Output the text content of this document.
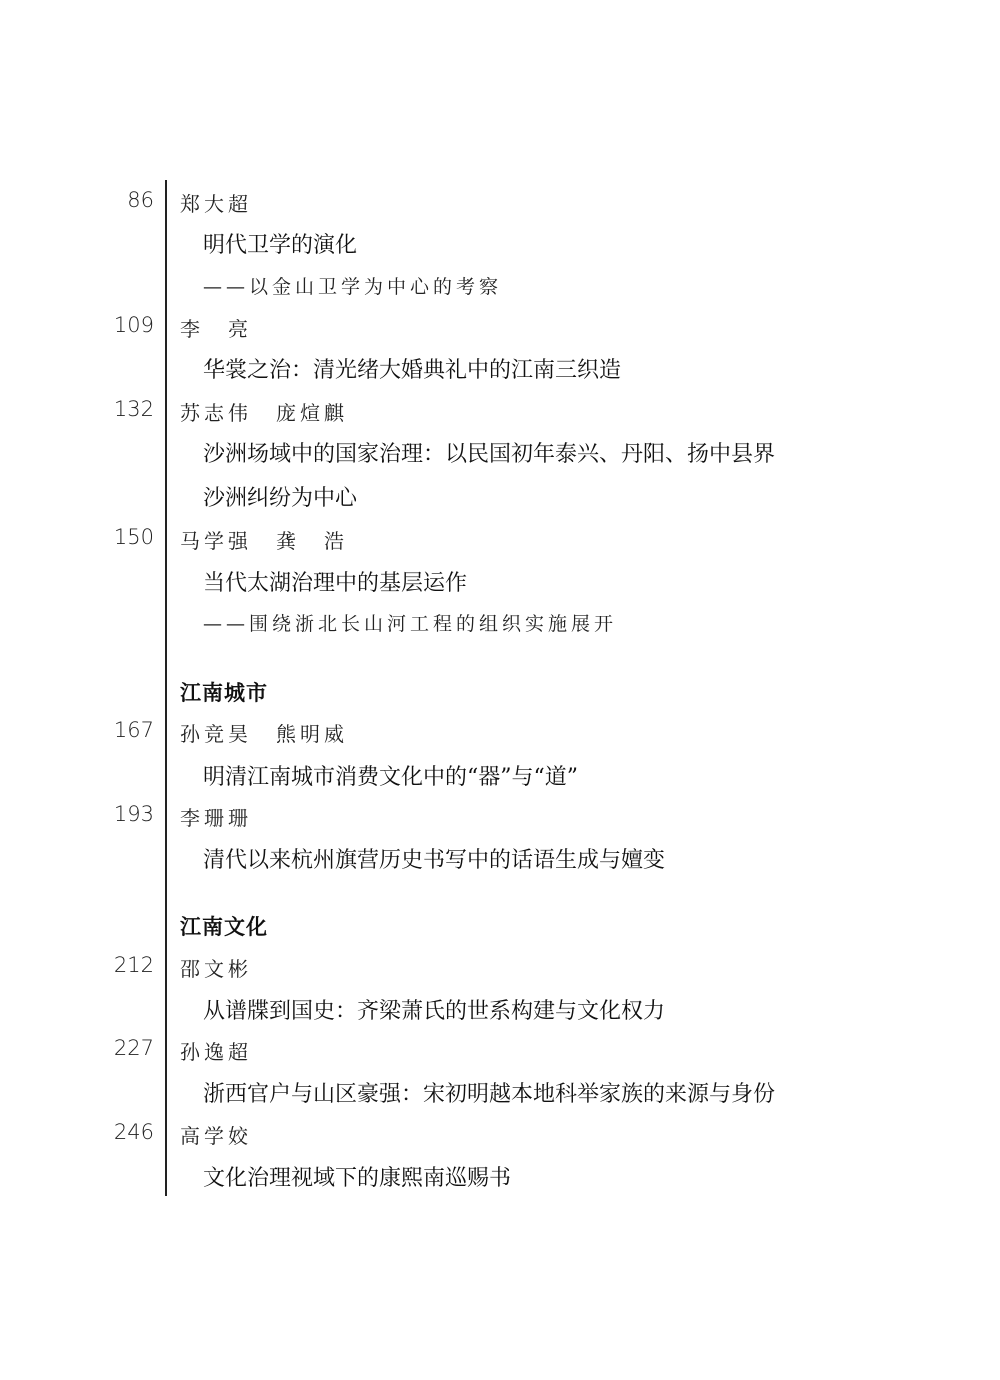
86 郑大超
明代卫学的演化
——以金山卫学为中心的考察
109 李　亮
华裳之治：清光绪大婚典礼中的江南三织造
132 苏志伟　庞煊麒
沙洲场域中的国家治理：以民国初年泰兴、丹阳、扬中县界
沙洲纠纷为中心
150 马学强　龚　浩
当代太湖治理中的基层运作
——围绕浙北长山河工程的组织实施展开
江南城市
167 孙竞昊　熊明威
明清江南城市消费文化中的“器”与“道”
193 李珊珊
清代以来杭州旗营历史书写中的话语生成与嬗变
江南文化
212 邵文彬
从谱牒到国史：齐梁萧氏的世系构建与文化权力
227 孙逸超
浙西官户与山区豪强：宋初明越本地科举家族的来源与身份
246 高学姣
文化治理视域下的康熙南巡赐书
